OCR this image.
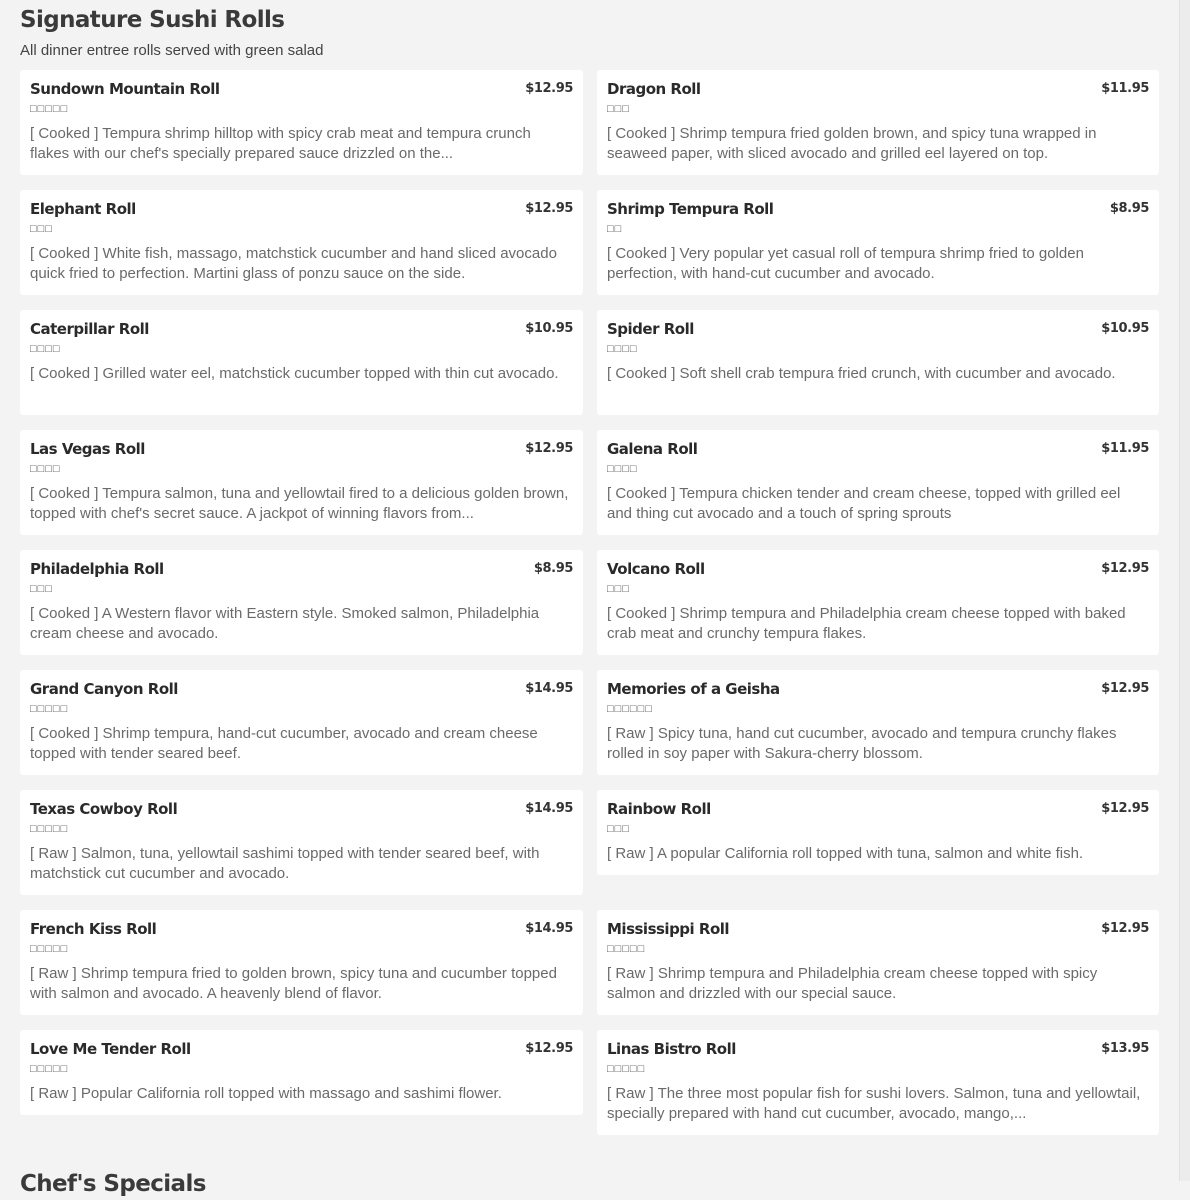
Signature Sushi Rolls
All dinner entree rolls served with green salad
Sundown Mountain Roll	$12.95
□□□□□
[ Cooked ] Tempura shrimp hilltop with spicy crab meat and tempura crunch flakes with our chef's specially prepared sauce drizzled on the...
Dragon Roll	$11.95
□□□
[ Cooked ] Shrimp tempura fried golden brown, and spicy tuna wrapped in seaweed paper, with sliced avocado and grilled eel layered on top.
Elephant Roll	$12.95
□□□
[ Cooked ] White fish, massago, matchstick cucumber and hand sliced avocado quick fried to perfection. Martini glass of ponzu sauce on the side.
Shrimp Tempura Roll	$8.95
□□
[ Cooked ] Very popular yet casual roll of tempura shrimp fried to golden perfection, with hand-cut cucumber and avocado.
Caterpillar Roll	$10.95
□□□□
[ Cooked ] Grilled water eel, matchstick cucumber topped with thin cut avocado.
Spider Roll	$10.95
□□□□
[ Cooked ] Soft shell crab tempura fried crunch, with cucumber and avocado.
Las Vegas Roll	$12.95
□□□□
[ Cooked ] Tempura salmon, tuna and yellowtail fired to a delicious golden brown, topped with chef's secret sauce. A jackpot of winning flavors from...
Galena Roll	$11.95
□□□□
[ Cooked ] Tempura chicken tender and cream cheese, topped with grilled eel and thing cut avocado and a touch of spring sprouts
Philadelphia Roll	$8.95
□□□
[ Cooked ] A Western flavor with Eastern style. Smoked salmon, Philadelphia cream cheese and avocado.
Volcano Roll	$12.95
□□□
[ Cooked ] Shrimp tempura and Philadelphia cream cheese topped with baked crab meat and crunchy tempura flakes.
Grand Canyon Roll	$14.95
□□□□□
[ Cooked ] Shrimp tempura, hand-cut cucumber, avocado and cream cheese topped with tender seared beef.
Memories of a Geisha	$12.95
□□□□□□
[ Raw ] Spicy tuna, hand cut cucumber, avocado and tempura crunchy flakes rolled in soy paper with Sakura-cherry blossom.
Texas Cowboy Roll	$14.95
□□□□□
[ Raw ] Salmon, tuna, yellowtail sashimi topped with tender seared beef, with matchstick cut cucumber and avocado.
Rainbow Roll	$12.95
□□□
[ Raw ] A popular California roll topped with tuna, salmon and white fish.
French Kiss Roll	$14.95
□□□□□
[ Raw ] Shrimp tempura fried to golden brown, spicy tuna and cucumber topped with salmon and avocado. A heavenly blend of flavor.
Mississippi Roll	$12.95
□□□□□
[ Raw ] Shrimp tempura and Philadelphia cream cheese topped with spicy salmon and drizzled with our special sauce.
Love Me Tender Roll	$12.95
□□□□□
[ Raw ] Popular California roll topped with massago and sashimi flower.
Linas Bistro Roll	$13.95
□□□□□
[ Raw ] The three most popular fish for sushi lovers. Salmon, tuna and yellowtail, specially prepared with hand cut cucumber, avocado, mango,...
Chef's Specials
